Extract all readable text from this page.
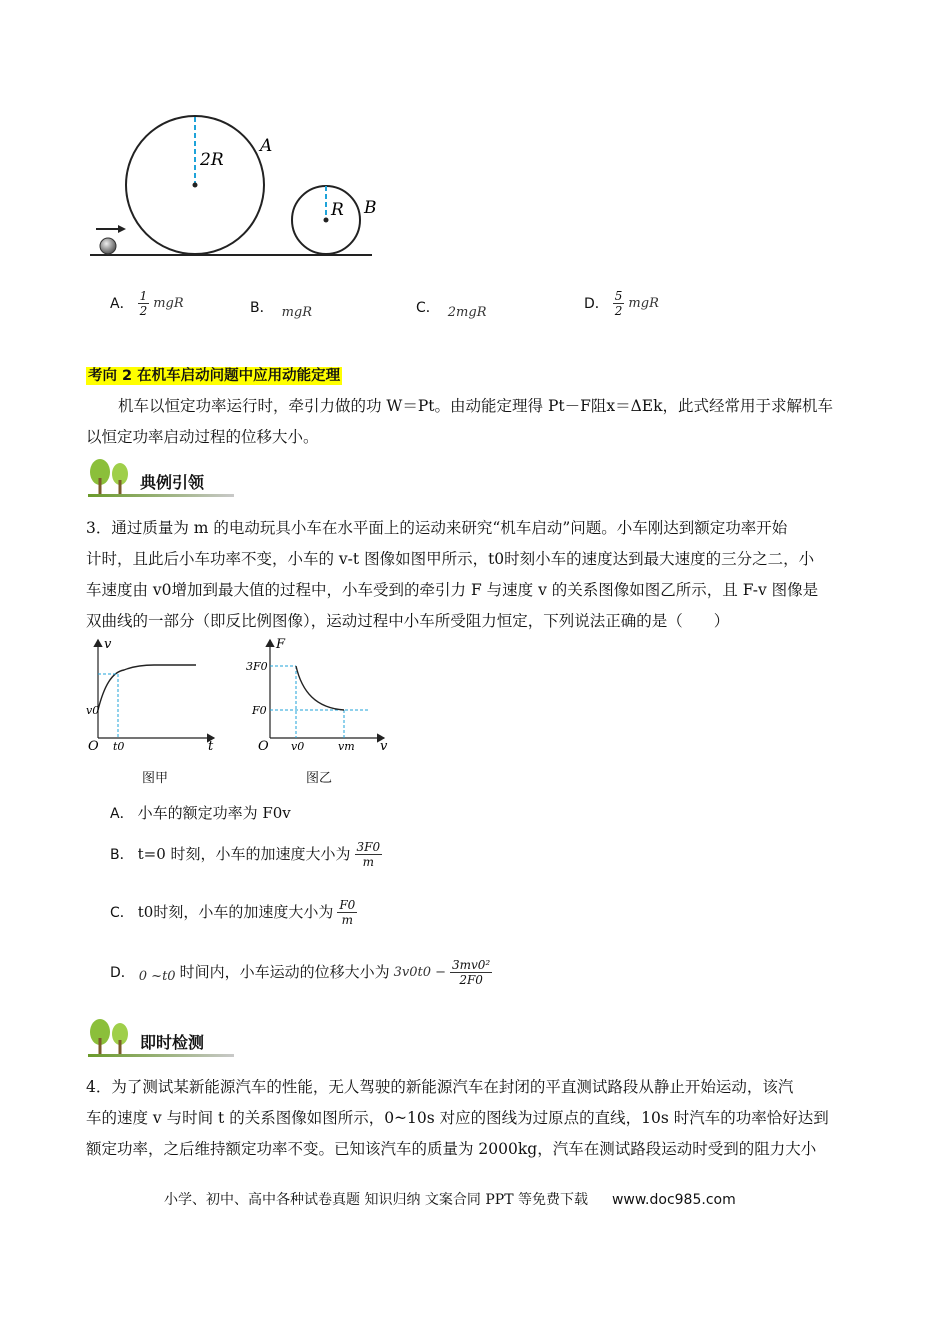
2R
A
R B
A． $\frac{1}{2}$ mgR	B． mgR	C． 2mgR	D． $\frac{5}{2}$ mgR
考向 2 在机车启动问题中应用动能定理
机车以恒定功率运行时，牵引力做的功 W＝Pt。由动能定理得 Pt－F阻x＝ΔEk，此式经常用于求解机车
以恒定功率启动过程的位移大小。
典例引领
3．通过质量为 m 的电动玩具小车在水平面上的运动来研究“机车启动”问题。小车刚达到额定功率开始
计时，且此后小车功率不变，小车的 v-t 图像如图甲所示，t0时刻小车的速度达到最大速度的三分之二，小
车速度由 v0增加到最大值的过程中，小车受到的牵引力 F 与速度 v 的关系图像如图乙所示，且 F-v 图像是
双曲线的一部分（即反比例图像），运动过程中小车所受阻力恒定，下列说法正确的是（　　）
v
v0
O t0	t
图甲
F
3F0
F0
O v0	vm v
图乙
A． 小车的额定功率为 F0v
B． t=0 时刻，小车的加速度大小为 $\frac{3F0}{m}$
C． t0时刻，小车的加速度大小为 $\frac{F0}{m}$
D． 0 ~t0 时间内，小车运动的位移大小为 $3v0t0 - \frac{\text{3mv0²}}{2F0}$
即时检测
4．为了测试某新能源汽车的性能，无人驾驶的新能源汽车在封闭的平直测试路段从静止开始运动，该汽
车的速度 v 与时间 t 的关系图像如图所示，0~10s 对应的图线为过原点的直线，10s 时汽车的功率恰好达到
额定功率，之后维持额定功率不变。已知该汽车的质量为 2000kg，汽车在测试路段运动时受到的阻力大小
小学、初中、高中各种试卷真题 知识归纳 文案合同 PPT 等免费下载 www.doc985.com
